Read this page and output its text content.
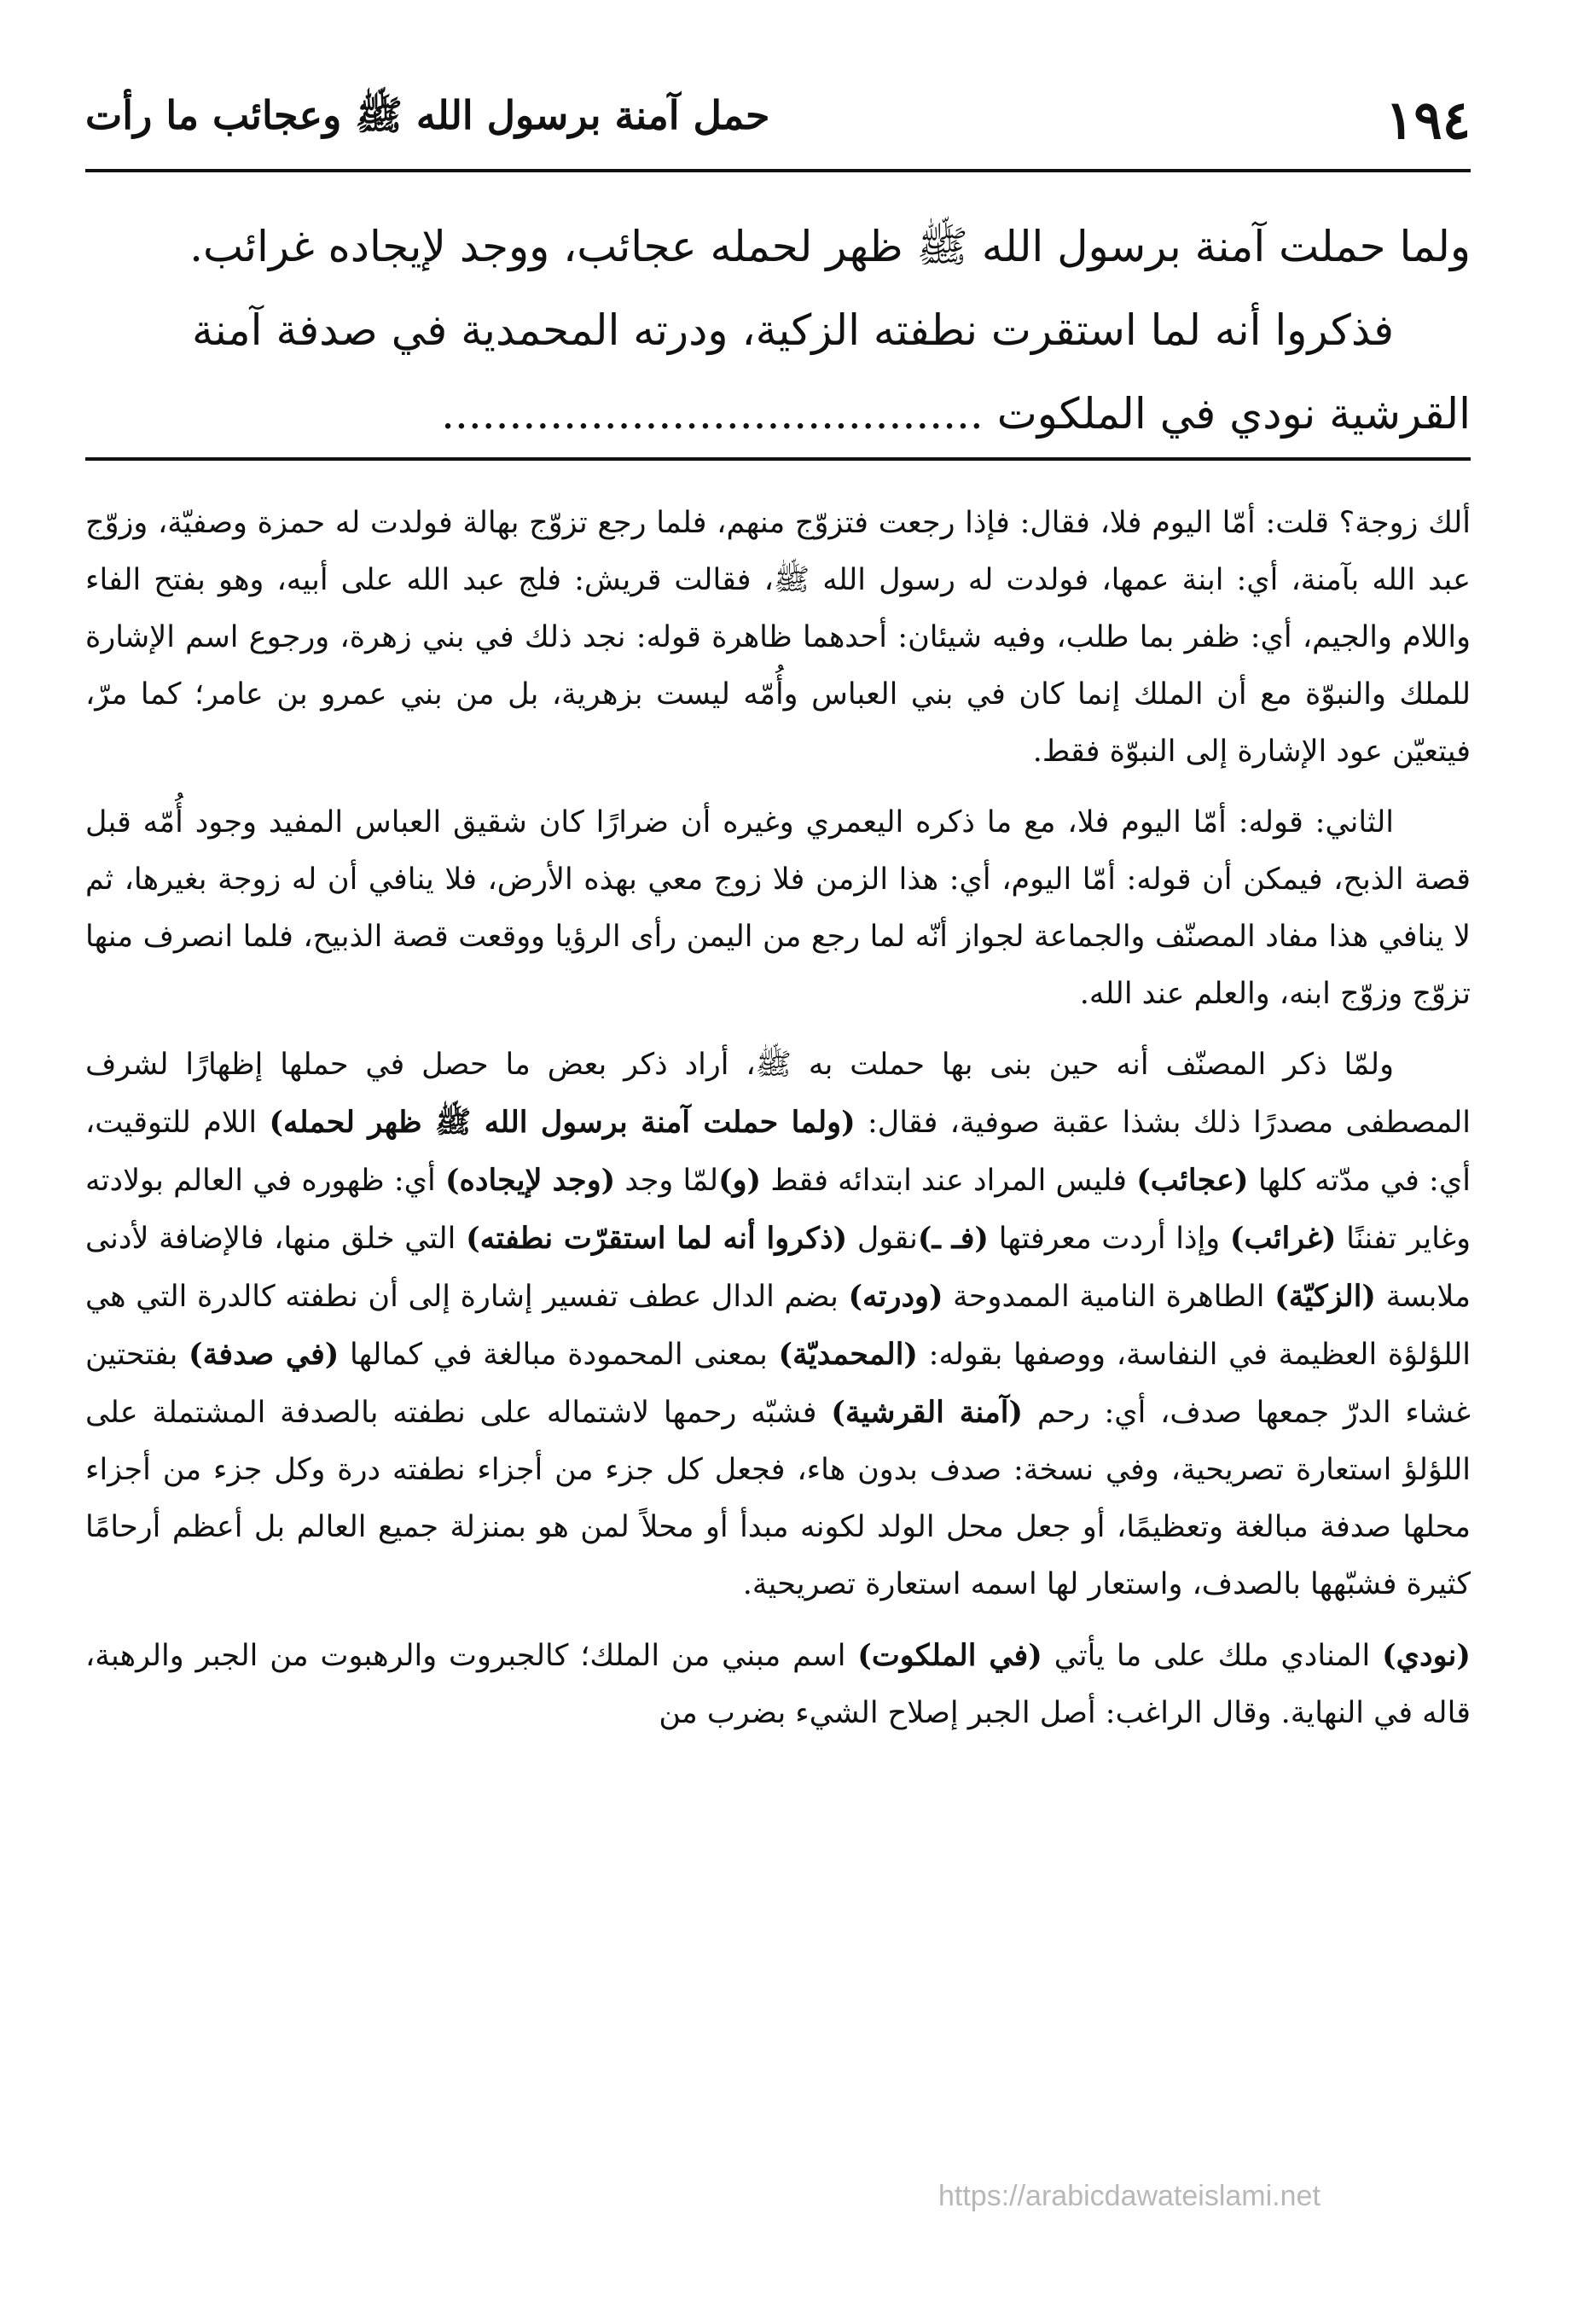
١٩٤
حمل آمنة برسول الله ﷺ وعجائب ما رأت

ولما حملت آمنة برسول الله ﷺ ظهر لحمله عجائب، ووجد لإيجاده غرائب.

فذكروا أنه لما استقرت نطفته الزكية، ودرته المحمدية في صدفة آمنة

القرشية نودي في الملكوت ........................................

ألك زوجة؟ قلت: أمّا اليوم فلا، فقال: فإذا رجعت فتزوّج منهم، فلما رجع تزوّج بهالة فولدت له حمزة وصفيّة، وزوّج عبد الله بآمنة، أي: ابنة عمها، فولدت له رسول الله ﷺ، فقالت قريش: فلج عبد الله على أبيه، وهو بفتح الفاء واللام والجيم، أي: ظفر بما طلب، وفيه شيئان: أحدهما ظاهرة قوله: نجد ذلك في بني زهرة، ورجوع اسم الإشارة للملك والنبوّة مع أن الملك إنما كان في بني العباس وأُمّه ليست بزهرية، بل من بني عمرو بن عامر؛ كما مرّ، فيتعيّن عود الإشارة إلى النبوّة فقط.

الثاني: قوله: أمّا اليوم فلا، مع ما ذكره اليعمري وغيره أن ضرارًا كان شقيق العباس المفيد وجود أُمّه قبل قصة الذبح، فيمكن أن قوله: أمّا اليوم، أي: هذا الزمن فلا زوج معي بهذه الأرض، فلا ينافي أن له زوجة بغيرها، ثم لا ينافي هذا مفاد المصنّف والجماعة لجواز أنّه لما رجع من اليمن رأى الرؤيا ووقعت قصة الذبيح، فلما انصرف منها تزوّج وزوّج ابنه، والعلم عند الله.

ولمّا ذكر المصنّف أنه حين بنى بها حملت به ﷺ، أراد ذكر بعض ما حصل في حملها إظهارًا لشرف المصطفى مصدرًا ذلك بشذا عقبة صوفية، فقال: (ولما حملت آمنة برسول الله ﷺ ظهر لحمله) اللام للتوقيت، أي: في مدّته كلها (عجائب) فليس المراد عند ابتدائه فقط (و)لمّا وجد (وجد لإيجاده) أي: ظهوره في العالم بولادته وغاير تفننًا (غرائب) وإذا أردت معرفتها (فـ ـ)نقول (ذكروا أنه لما استقرّت نطفته) التي خلق منها، فالإضافة لأدنى ملابسة (الزكيّة) الطاهرة النامية الممدوحة (ودرته) بضم الدال عطف تفسير إشارة إلى أن نطفته كالدرة التي هي اللؤلؤة العظيمة في النفاسة، ووصفها بقوله: (المحمديّة) بمعنى المحمودة مبالغة في كمالها (في صدفة) بفتحتين غشاء الدرّ جمعها صدف، أي: رحم (آمنة القرشية) فشبّه رحمها لاشتماله على نطفته بالصدفة المشتملة على اللؤلؤ استعارة تصريحية، وفي نسخة: صدف بدون هاء، فجعل كل جزء من أجزاء نطفته درة وكل جزء من أجزاء محلها صدفة مبالغة وتعظيمًا، أو جعل محل الولد لكونه مبدأ أو محلاً لمن هو بمنزلة جميع العالم بل أعظم أرحامًا كثيرة فشبّهها بالصدف، واستعار لها اسمه استعارة تصريحية.

(نودي) المنادي ملك على ما يأتي (في الملكوت) اسم مبني من الملك؛ كالجبروت والرهبوت من الجبر والرهبة، قاله في النهاية. وقال الراغب: أصل الجبر إصلاح الشيء بضرب من

https://arabicdawateislami.net
